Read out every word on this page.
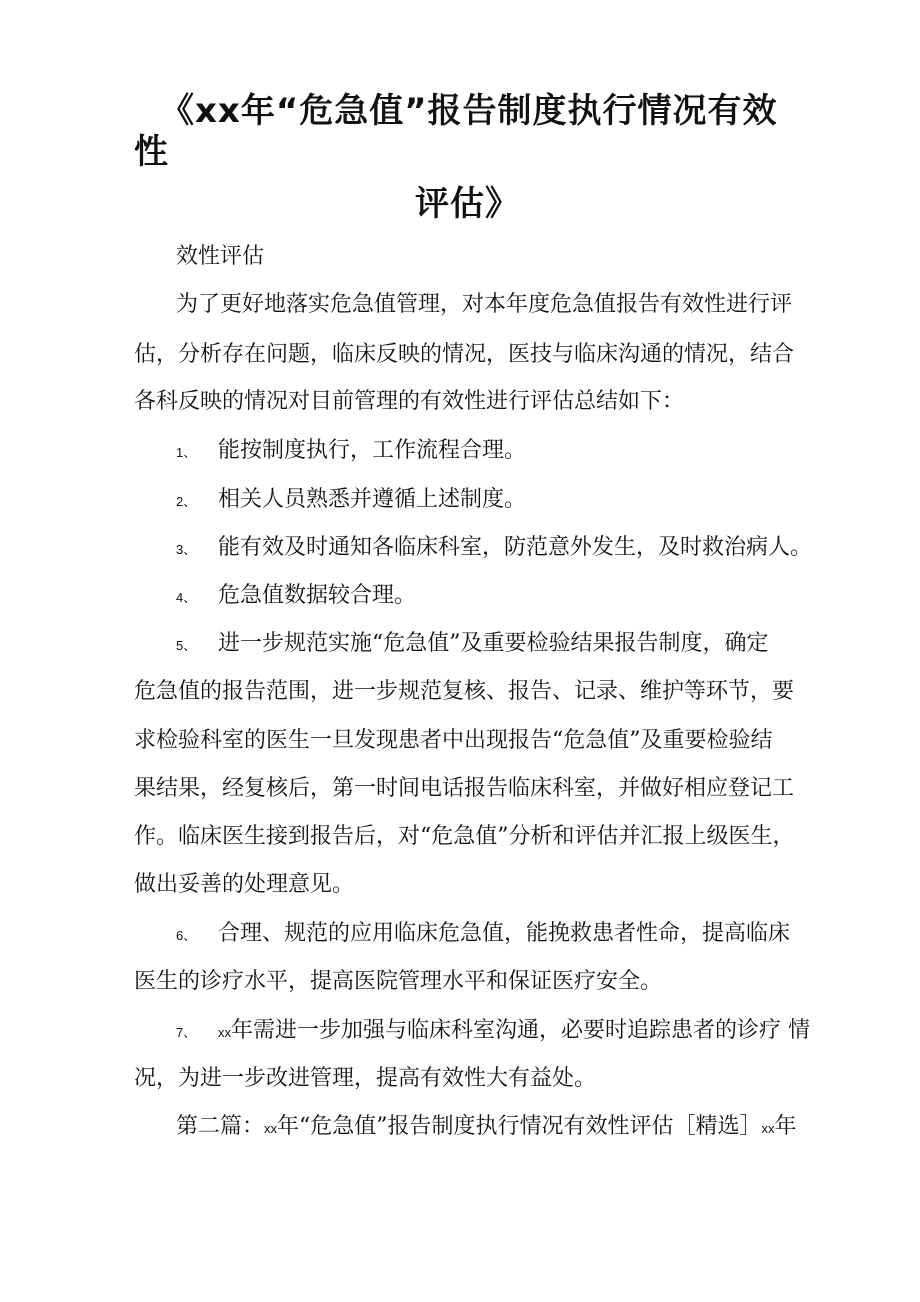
《xx年“危急值”报告制度执行情况有效
性
评估》
效性评估
为了更好地落实危急值管理，对本年度危急值报告有效性进行评
估，分析存在问题，临床反映的情况，医技与临床沟通的情况，结合
各科反映的情况对目前管理的有效性进行评估总结如下：
1、 能按制度执行，工作流程合理。
2、 相关人员熟悉并遵循上述制度。
3、 能有效及时通知各临床科室，防范意外发生，及时救治病人。
4、 危急值数据较合理。
5、 进一步规范实施“危急值”及重要检验结果报告制度，确定
危急值的报告范围，进一步规范复核、报告、记录、维护等环节，要
求检验科室的医生一旦发现患者中出现报告“危急值”及重要检验结
果结果，经复核后，第一时间电话报告临床科室，并做好相应登记工
作。临床医生接到报告后，对“危急值”分析和评估并汇报上级医生，
做出妥善的处理意见。
6、 合理、规范的应用临床危急值，能挽救患者性命，提高临床
医生的诊疗水平，提高医院管理水平和保证医疗安全。
7、 xx年需进一步加强与临床科室沟通，必要时追踪患者的诊疗 情
况，为进一步改进管理，提高有效性大有益处。
第二篇：xx年“危急值”报告制度执行情况有效性评估［精选］xx年
